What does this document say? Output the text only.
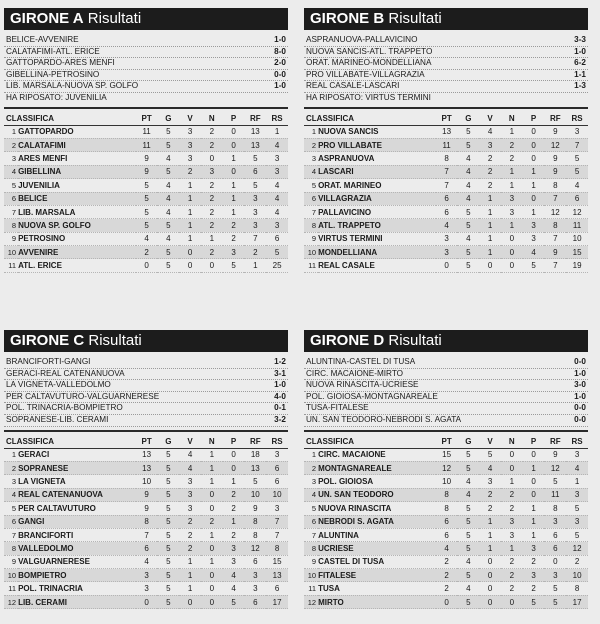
GIRONE A Risultati
BELICE-AVVENIRE	1-0
CALATAFIMI-ATL. ERICE	8-0
GATTOPARDO-ARES MENFI	2-0
GIBELLINA-PETROSINO	0-0
LIB. MARSALA-NUOVA SP. GOLFO	1-0
HA RIPOSATO: JUVENILIA
CLASSIFICA		PT	G	V	N	P	RF	RS
1	GATTOPARDO	11	5	3	2	0	13	1
2	CALATAFIMI	11	5	3	2	0	13	4
3	ARES MENFI	9	4	3	0	1	5	3
4	GIBELLINA	9	5	2	3	0	6	3
5	JUVENILIA	5	4	1	2	1	5	4
6	BELICE	5	4	1	2	1	3	4
7	LIB. MARSALA	5	4	1	2	1	3	4
8	NUOVA SP. GOLFO	5	5	1	2	2	3	3
9	PETROSINO	4	4	1	1	2	7	6
10	AVVENIRE	2	5	0	2	3	2	5
11	ATL. ERICE	0	5	0	0	5	1	25
GIRONE B Risultati
ASPRANUOVA-PALLAVICINO	3-3
NUOVA SANCIS-ATL. TRAPPETO	1-0
ORAT. MARINEO-MONDELLIANA	6-2
PRO VILLABATE-VILLAGRAZIA	1-1
REAL CASALE-LASCARI	1-3
HA RIPOSATO: VIRTUS TERMINI
CLASSIFICA		PT	G	V	N	P	RF	RS
1	NUOVA SANCIS	13	5	4	1	0	9	3
2	PRO VILLABATE	11	5	3	2	0	12	7
3	ASPRANUOVA	8	4	2	2	0	9	5
4	LASCARI	7	4	2	1	1	9	5
5	ORAT. MARINEO	7	4	2	1	1	8	4
6	VILLAGRAZIA	6	4	1	3	0	7	6
7	PALLAVICINO	6	5	1	3	1	12	12
8	ATL. TRAPPETO	4	5	1	1	3	8	11
9	VIRTUS TERMINI	3	4	1	0	3	7	10
10	MONDELLIANA	3	5	1	0	4	9	15
11	REAL CASALE	0	5	0	0	5	7	19
GIRONE C Risultati
BRANCIFORTI-GANGI	1-2
GERACI-REAL CATENANUOVA	3-1
LA VIGNETA-VALLEDOLMO	1-0
PER CALTAVUTURO-VALGUARNERESE	4-0
POL. TRINACRIA-BOMPIETRO	0-1
SOPRANESE-LIB. CERAMI	3-2
CLASSIFICA		PT	G	V	N	P	RF	RS
1	GERACI	13	5	4	1	0	18	3
2	SOPRANESE	13	5	4	1	0	13	6
3	LA VIGNETA	10	5	3	1	1	5	6
4	REAL CATENANUOVA	9	5	3	0	2	10	10
5	PER CALTAVUTURO	9	5	3	0	2	9	3
6	GANGI	8	5	2	2	1	8	7
7	BRANCIFORTI	7	5	2	1	2	8	7
8	VALLEDOLMO	6	5	2	0	3	12	8
9	VALGUARNERESE	4	5	1	1	3	6	15
10	BOMPIETRO	3	5	1	0	4	3	13
11	POL. TRINACRIA	3	5	1	0	4	3	6
12	LIB. CERAMI	0	5	0	0	5	6	17
GIRONE D Risultati
ALUNTINA-CASTEL DI TUSA	0-0
CIRC. MACAIONE-MIRTO	1-0
NUOVA RINASCITA-UCRIESE	3-0
POL. GIOIOSA-MONTAGNAREALE	1-0
TUSA-FITALESE	0-0
UN. SAN TEODORO-NEBRODI S. AGATA	0-0
CLASSIFICA		PT	G	V	N	P	RF	RS
1	CIRC. MACAIONE	15	5	5	0	0	9	3
2	MONTAGNAREALE	12	5	4	0	1	12	4
3	POL. GIOIOSA	10	4	3	1	0	5	1
4	UN. SAN TEODORO	8	4	2	2	0	11	3
5	NUOVA RINASCITA	8	5	2	2	1	8	5
6	NEBRODI S. AGATA	6	5	1	3	1	3	3
7	ALUNTINA	6	5	1	3	1	6	5
8	UCRIESE	4	5	1	1	3	6	12
9	CASTEL DI TUSA	2	4	0	2	2	0	2
10	FITALESE	2	5	0	2	3	3	10
11	TUSA	2	4	0	2	2	5	8
12	MIRTO	0	5	0	0	5	5	17
